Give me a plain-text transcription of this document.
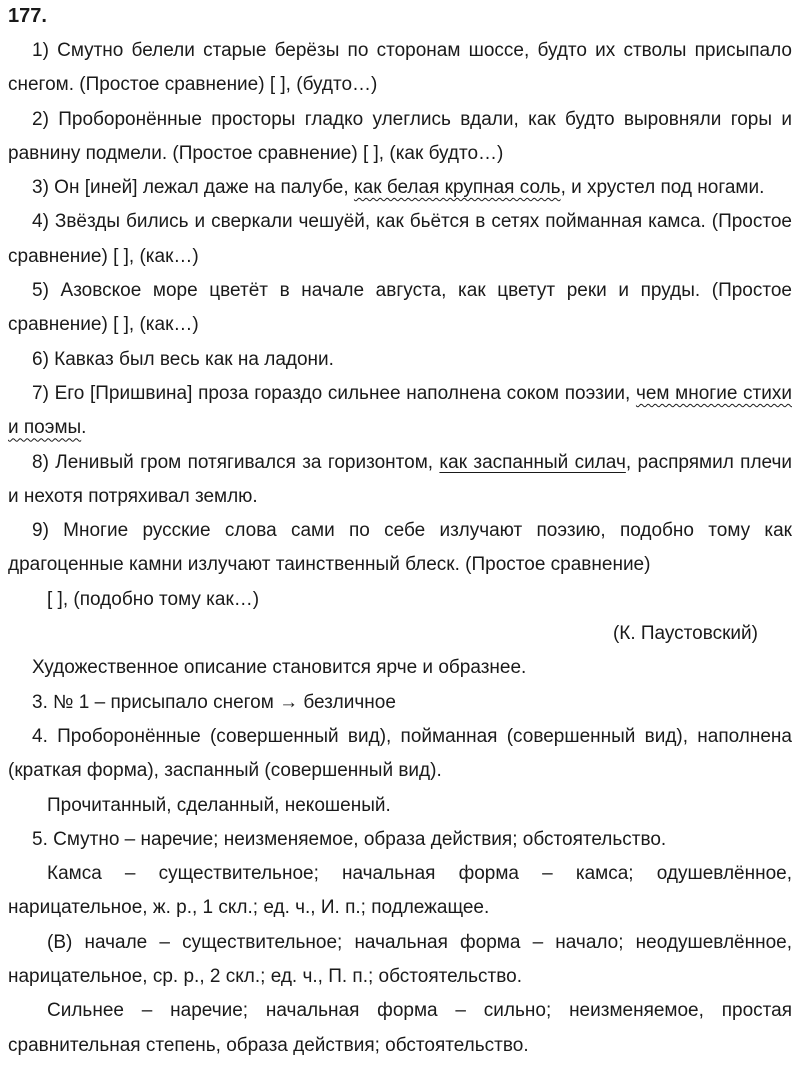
177.

1) Смутно белели старые берёзы по сторонам шоссе, будто их стволы присыпало снегом. (Простое сравнение) [ ], (будто…)

2) Проборонённые просторы гладко улеглись вдали, как будто выровняли горы и равнину подмели. (Простое сравнение) [ ], (как будто…)

3) Он [иней] лежал даже на палубе, как белая крупная соль, и хрустел под ногами.

4) Звёзды бились и сверкали чешуёй, как бьётся в сетях пойманная камса. (Простое сравнение) [ ], (как…)

5) Азовское море цветёт в начале августа, как цветут реки и пруды. (Простое сравнение) [ ], (как…)

6) Кавказ был весь как на ладони.

7) Его [Пришвина] проза гораздо сильнее наполнена соком поэзии, чем многие стихи и поэмы.

8) Ленивый гром потягивался за горизонтом, как заспанный силач, распрямил плечи и нехотя потряхивал землю.

9) Многие русские слова сами по себе излучают поэзию, подобно тому как драгоценные камни излучают таинственный блеск. (Простое сравнение)

[ ], (подобно тому как…)

(К. Паустовский)

Художественное описание становится ярче и образнее.

3. № 1 – присыпало снегом → безличное

4. Проборонённые (совершенный вид), пойманная (совершенный вид), наполнена (краткая форма), заспанный (совершенный вид).

Прочитанный, сделанный, некошеный.

5. Смутно – наречие; неизменяемое, образа действия; обстоятельство.

Камса – существительное; начальная форма – камса; одушевлённое, нарицательное, ж. р., 1 скл.; ед. ч., И. п.; подлежащее.

(В) начале – существительное; начальная форма – начало; неодушевлённое, нарицательное, ср. р., 2 скл.; ед. ч., П. п.; обстоятельство.

Сильнее – наречие; начальная форма – сильно; неизменяемое, простая сравнительная степень, образа действия; обстоятельство.
